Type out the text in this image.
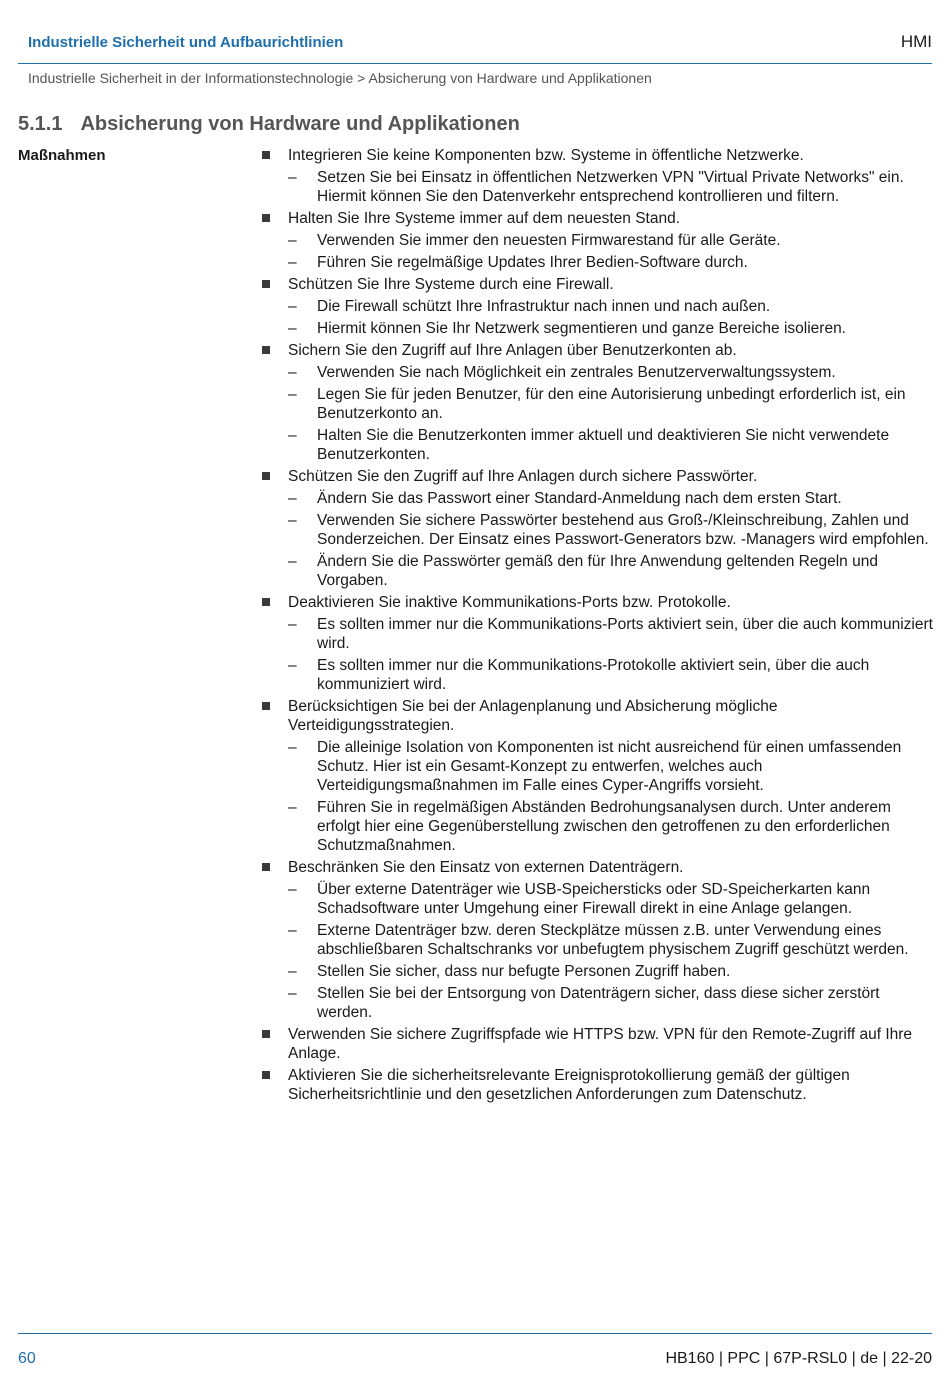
Industrielle Sicherheit und Aufbaurichtlinien	HMI
Industrielle Sicherheit in der Informationstechnologie > Absicherung von Hardware und Applikationen
5.1.1 Absicherung von Hardware und Applikationen
Maßnahmen	Integrieren Sie keine Komponenten bzw. Systeme in öffentliche Netzwerke.
– Setzen Sie bei Einsatz in öffentlichen Netzwerken VPN "Virtual Private Networks" ein. Hiermit können Sie den Datenverkehr entsprechend kontrollieren und filtern.
Halten Sie Ihre Systeme immer auf dem neuesten Stand.
– Verwenden Sie immer den neuesten Firmwarestand für alle Geräte.
– Führen Sie regelmäßige Updates Ihrer Bedien-Software durch.
Schützen Sie Ihre Systeme durch eine Firewall.
– Die Firewall schützt Ihre Infrastruktur nach innen und nach außen.
– Hiermit können Sie Ihr Netzwerk segmentieren und ganze Bereiche isolieren.
Sichern Sie den Zugriff auf Ihre Anlagen über Benutzerkonten ab.
– Verwenden Sie nach Möglichkeit ein zentrales Benutzerverwaltungssystem.
– Legen Sie für jeden Benutzer, für den eine Autorisierung unbedingt erforderlich ist, ein Benutzerkonto an.
– Halten Sie die Benutzerkonten immer aktuell und deaktivieren Sie nicht verwendete Benutzerkonten.
Schützen Sie den Zugriff auf Ihre Anlagen durch sichere Passwörter.
– Ändern Sie das Passwort einer Standard-Anmeldung nach dem ersten Start.
– Verwenden Sie sichere Passwörter bestehend aus Groß-/Kleinschreibung, Zahlen und Sonderzeichen. Der Einsatz eines Passwort-Generators bzw. -Managers wird empfohlen.
– Ändern Sie die Passwörter gemäß den für Ihre Anwendung geltenden Regeln und Vorgaben.
Deaktivieren Sie inaktive Kommunikations-Ports bzw. Protokolle.
– Es sollten immer nur die Kommunikations-Ports aktiviert sein, über die auch kommuniziert wird.
– Es sollten immer nur die Kommunikations-Protokolle aktiviert sein, über die auch kommuniziert wird.
Berücksichtigen Sie bei der Anlagenplanung und Absicherung mögliche Verteidigungsstrategien.
– Die alleinige Isolation von Komponenten ist nicht ausreichend für einen umfassenden Schutz. Hier ist ein Gesamt-Konzept zu entwerfen, welches auch Verteidigungsmaßnahmen im Falle eines Cyper-Angriffs vorsieht.
– Führen Sie in regelmäßigen Abständen Bedrohungsanalysen durch. Unter anderem erfolgt hier eine Gegenüberstellung zwischen den getroffenen zu den erforderlichen Schutzmaßnahmen.
Beschränken Sie den Einsatz von externen Datenträgern.
– Über externe Datenträger wie USB-Speichersticks oder SD-Speicherkarten kann Schadsoftware unter Umgehung einer Firewall direkt in eine Anlage gelangen.
– Externe Datenträger bzw. deren Steckplätze müssen z.B. unter Verwendung eines abschließbaren Schaltschranks vor unbefugtem physischem Zugriff geschützt werden.
– Stellen Sie sicher, dass nur befugte Personen Zugriff haben.
– Stellen Sie bei der Entsorgung von Datenträgern sicher, dass diese sicher zerstört werden.
Verwenden Sie sichere Zugriffspfade wie HTTPS bzw. VPN für den Remote-Zugriff auf Ihre Anlage.
Aktivieren Sie die sicherheitsrelevante Ereignisprotokollierung gemäß der gültigen Sicherheitsrichtlinie und den gesetzlichen Anforderungen zum Datenschutz.
60	HB160 | PPC | 67P-RSL0 | de | 22-20
